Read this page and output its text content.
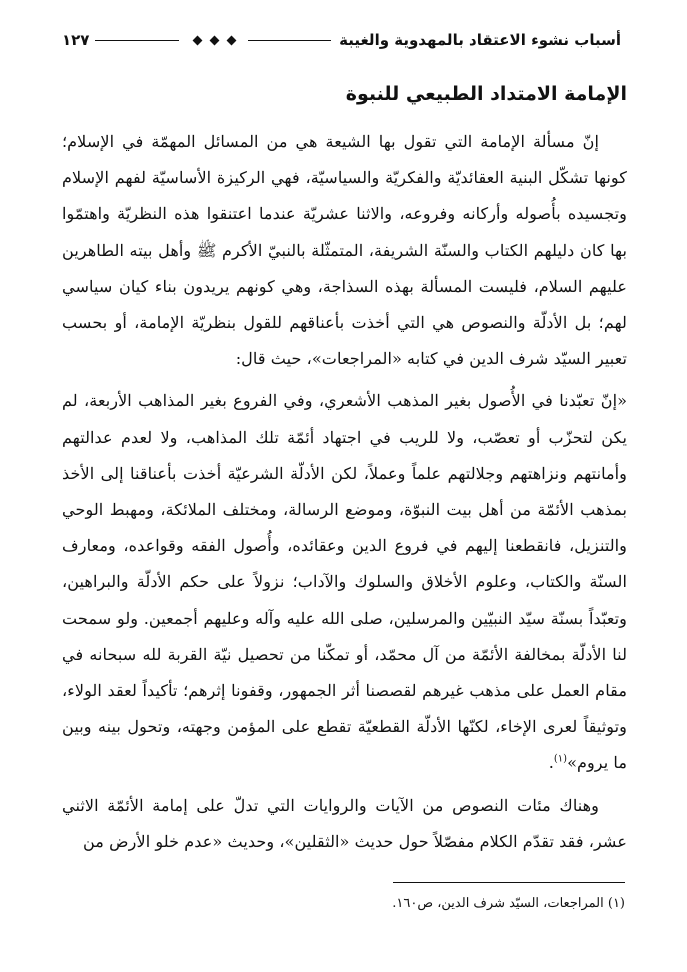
أسباب نشوء الاعتقاد بالمهدوية والغيبة
١٢٧
الإمامة الامتداد الطبيعي للنبوة

إنّ مسألة الإمامة التي تقول بها الشيعة هي من المسائل المهمّة في الإسلام؛ كونها تشكّل البنية العقائديّة والفكريّة والسياسيّة، فهي الركيزة الأساسيّة لفهم الإسلام وتجسيده بأُصوله وأركانه وفروعه، والاثنا عشريّة عندما اعتنقوا هذه النظريّة واهتمّوا بها كان دليلهم الكتاب والسنّة الشريفة، المتمثّلة بالنبيّ الأكرم ﷺ وأهل بيته الطاهرين عليهم السلام، فليست المسألة بهذه السذاجة، وهي كونهم يريدون بناء كيان سياسي لهم؛ بل الأدلّة والنصوص هي التي أخذت بأعناقهم للقول بنظريّة الإمامة، أو بحسب تعبير السيّد شرف الدين في كتابه «المراجعات»، حيث قال:

«إنّ تعبّدنا في الأُصول بغير المذهب الأشعري، وفي الفروع بغير المذاهب الأربعة، لم يكن لتحزّب أو تعصّب، ولا للريب في اجتهاد أئمّة تلك المذاهب، ولا لعدم عدالتهم وأمانتهم ونزاهتهم وجلالتهم علماً وعملاً، لكن الأدلّة الشرعيّة أخذت بأعناقنا إلى الأخذ بمذهب الأئمّة من أهل بيت النبوّة، وموضع الرسالة، ومختلف الملائكة، ومهبط الوحي والتنزيل، فانقطعنا إليهم في فروع الدين وعقائده، وأُصول الفقه وقواعده، ومعارف السنّة والكتاب، وعلوم الأخلاق والسلوك والآداب؛ نزولاً على حكم الأدلّة والبراهين، وتعبّداً بسنّة سيّد النبيّين والمرسلين، صلى الله عليه وآله وعليهم أجمعين. ولو سمحت لنا الأدلّة بمخالفة الأئمّة من آل محمّد، أو تمكّنا من تحصيل نيّة القربة لله سبحانه في مقام العمل على مذهب غيرهم لقصصنا أثر الجمهور، وقفونا إثرهم؛ تأكيداً لعقد الولاء، وتوثيقاً لعرى الإخاء، لكنّها الأدلّة القطعيّة تقطع على المؤمن وجهته، وتحول بينه وبين ما يروم»$^{(١)}$.

وهناك مئات النصوص من الآيات والروايات التي تدلّ على إمامة الأئمّة الاثني عشر، فقد تقدّم الكلام مفصّلاً حول حديث «الثقلين»، وحديث «عدم خلو الأرض من

(١) المراجعات، السيّد شرف الدين، ص١٦٠.
